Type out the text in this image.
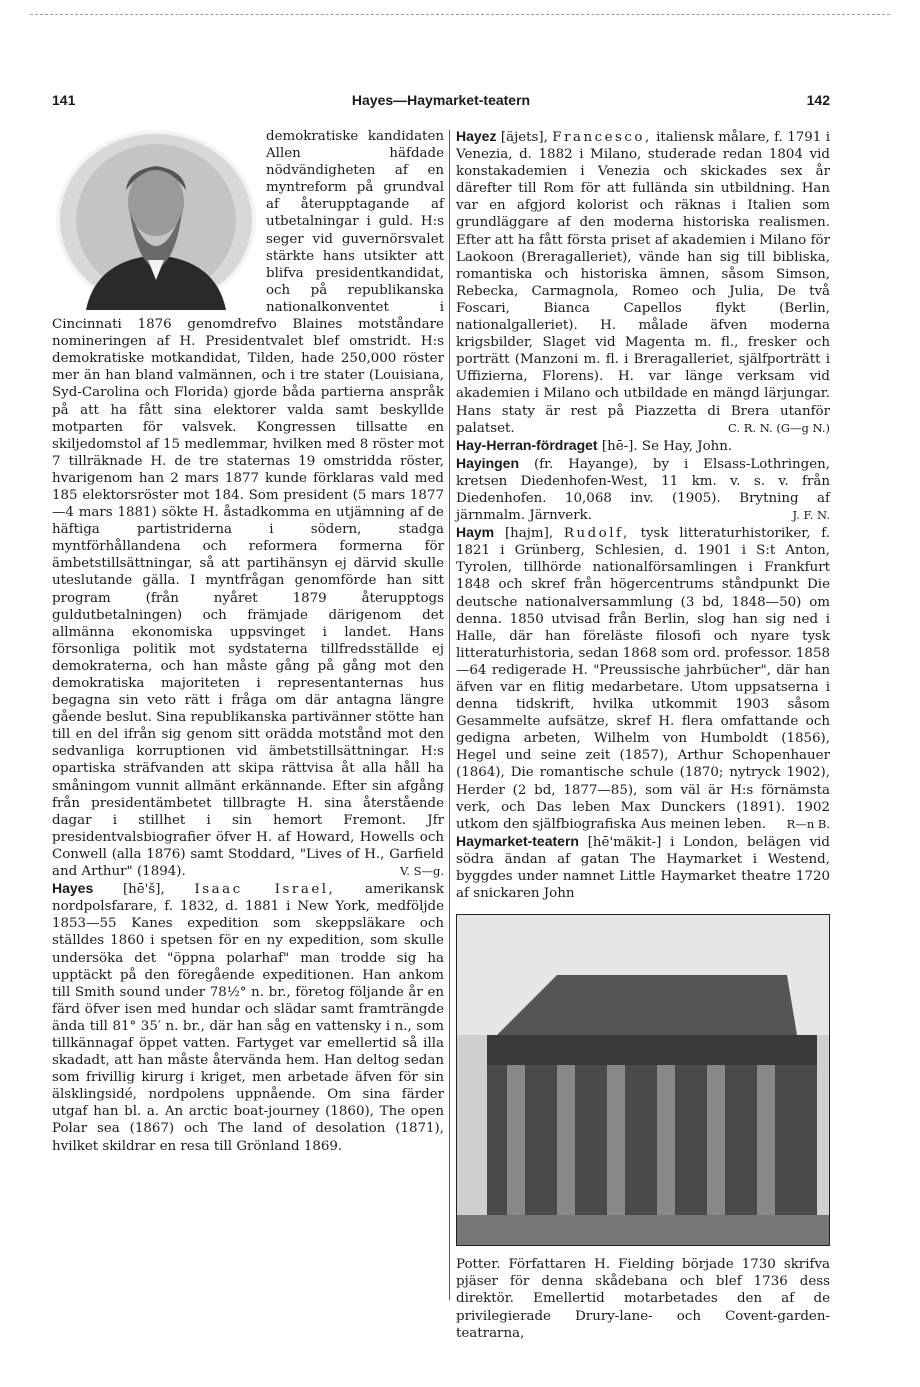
141	Hayes—Haymarket-teatern	142

demokratiske kandidaten Allen häfdade nödvändigheten af en myntreform på grundval af återupptagande af utbetalningar i guld. H:s seger vid guvernörsvalet stärkte hans utsikter att blifva presidentkandidat, och på republikanska nationalkonventet i Cincinnati 1876 genomdrefvo Blaines motståndare nomineringen af H. Presidentvalet blef omstridt. H:s demokratiske motkandidat, Tilden, hade 250,000 röster mer än han bland valmännen, och i tre stater (Louisiana, Syd-Carolina och Florida) gjorde båda partierna anspråk på att ha fått sina elektorer valda samt beskyllde motparten för valsvek. Kongressen tillsatte en skiljedomstol af 15 medlemmar, hvilken med 8 röster mot 7 tillräknade H. de tre staternas 19 omstridda röster, hvarigenom han 2 mars 1877 kunde förklaras vald med 185 elektorsröster mot 184. Som president (5 mars 1877—4 mars 1881) sökte H. åstadkomma en utjämning af de häftiga partistriderna i södern, stadga myntförhållandena och reformera formerna för ämbetstillsättningar, så att partihänsyn ej därvid skulle uteslutande gälla. I myntfrågan genomförde han sitt program (från nyåret 1879 återupptogs guldutbetalningen) och främjade därigenom det allmänna ekonomiska uppsvinget i landet. Hans försonliga politik mot sydstaterna tillfredsställde ej demokraterna, och han måste gång på gång mot den demokratiska majoriteten i representanternas hus begagna sin veto rätt i fråga om där antagna längre gående beslut. Sina republikanska partivänner stötte han till en del ifrån sig genom sitt orädda motstånd mot den sedvanliga korruptionen vid ämbetstillsättningar. H:s opartiska sträfvanden att skipa rättvisa åt alla håll ha småningom vunnit allmänt erkännande. Efter sin afgång från presidentämbetet tillbragte H. sina återstående dagar i stillhet i sin hemort Fremont. Jfr presidentvalsbiografier öfver H. af Howard, Howells och Conwell (alla 1876) samt Stoddard, "Lives of H., Garfield and Arthur" (1894).	V. S—g.

Hayes [hē'š], Isaac Israel, amerikansk nordpolsfarare, f. 1832, d. 1881 i New York, medföljde 1853—55 Kanes expedition som skeppsläkare och ställdes 1860 i spetsen för en ny expedition, som skulle undersöka det "öppna polarhaf" man trodde sig ha upptäckt på den föregående expeditionen. Han ankom till Smith sound under 78½° n. br., företog följande år en färd öfver isen med hundar och slädar samt framträngde ända till 81° 35′ n. br., där han såg en vattensky i n., som tillkännagaf öppet vatten. Fartyget var emellertid så illa skadadt, att han måste återvända hem. Han deltog sedan som frivillig kirurg i kriget, men arbetade äfven för sin älsklingsidé, nordpolens uppnående. Om sina färder utgaf han bl. a. An arctic boat-journey (1860), The open Polar sea (1867) och The land of desolation (1871), hvilket skildrar en resa till Grönland 1869.

Hayez [äjets], Francesco, italiensk målare, f. 1791 i Venezia, d. 1882 i Milano, studerade redan 1804 vid konstakademien i Venezia och skickades sex år därefter till Rom för att fullända sin utbildning. Han var en afgjord kolorist och räknas i Italien som grundläggare af den moderna historiska realismen. Efter att ha fått första priset af akademien i Milano för Laokoon (Breragalleriet), vände han sig till bibliska, romantiska och historiska ämnen, såsom Simson, Rebecka, Carmagnola, Romeo och Julia, De två Foscari, Bianca Capellos flykt (Berlin, nationalgalleriet). H. målade äfven moderna krigsbilder, Slaget vid Magenta m. fl., fresker och porträtt (Manzoni m. fl. i Breragalleriet, själfporträtt i Uffizierna, Florens). H. var länge verksam vid akademien i Milano och utbildade en mängd lärjungar. Hans staty är rest på Piazzetta di Brera utanför palatset.	C. R. N. (G—g N.)

Hay-Herran-fördraget [hē-]. Se Hay, John.

Hayingen (fr. Hayange), by i Elsass-Lothringen, kretsen Diedenhofen-West, 11 km. v. s. v. från Diedenhofen. 10,068 inv. (1905). Brytning af järnmalm. Järnverk.	J. F. N.

Haym [hajm], Rudolf, tysk litteraturhistoriker, f. 1821 i Grünberg, Schlesien, d. 1901 i S:t Anton, Tyrolen, tillhörde nationalförsamlingen i Frankfurt 1848 och skref från högercentrums ståndpunkt Die deutsche nationalversammlung (3 bd, 1848—50) om denna. 1850 utvisad från Berlin, slog han sig ned i Halle, där han föreläste filosofi och nyare tysk litteraturhistoria, sedan 1868 som ord. professor. 1858—64 redigerade H. "Preussische jahrbücher", där han äfven var en flitig medarbetare. Utom uppsatserna i denna tidskrift, hvilka utkommit 1903 såsom Gesammelte aufsätze, skref H. flera omfattande och gedigna arbeten, Wilhelm von Humboldt (1856), Hegel und seine zeit (1857), Arthur Schopenhauer (1864), Die romantische schule (1870; nytryck 1902), Herder (2 bd, 1877—85), som väl är H:s förnämsta verk, och Das leben Max Dunckers (1891). 1902 utkom den själfbiografiska Aus meinen leben. R—n B.

Haymarket-teatern [hē'mäkit-] i London, belägen vid södra ändan af gatan The Haymarket i Westend, byggdes under namnet Little Haymarket theatre 1720 af snickaren John

Potter. Författaren H. Fielding började 1730 skrifva pjäser för denna skådebana och blef 1736 dess direktör. Emellertid motarbetades den af de privilegierade Drury-lane- och Covent-garden-teatrarna,
